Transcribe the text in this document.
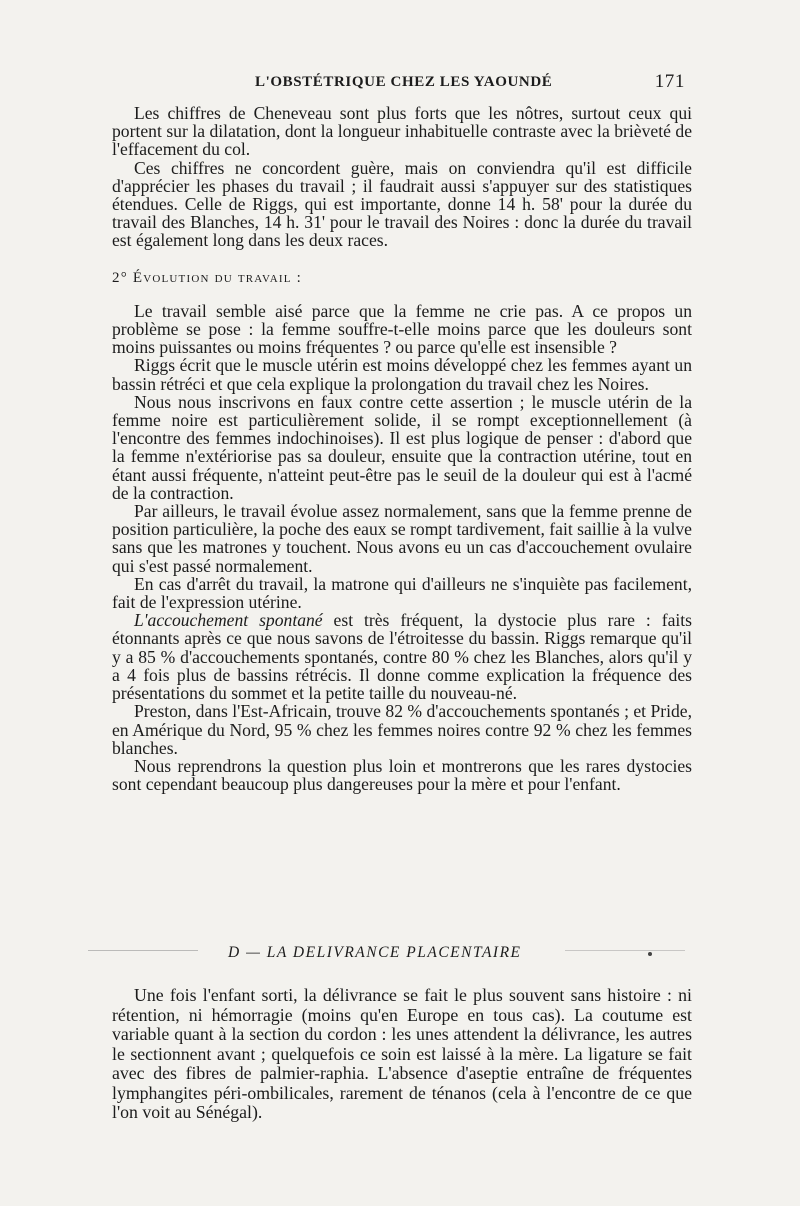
L'OBSTÉTRIQUE CHEZ LES YAOUNDÉ	171

Les chiffres de Cheneveau sont plus forts que les nôtres, surtout ceux qui portent sur la dilatation, dont la longueur inhabituelle contraste avec la brièveté de l'effacement du col.

Ces chiffres ne concordent guère, mais on conviendra qu'il est difficile d'apprécier les phases du travail ; il faudrait aussi s'appuyer sur des statistiques étendues. Celle de Riggs, qui est importante, donne 14 h. 58' pour la durée du travail des Blanches, 14 h. 31' pour le travail des Noires : donc la durée du travail est également long dans les deux races.

2° Évolution du travail :

Le travail semble aisé parce que la femme ne crie pas. A ce propos un problème se pose : la femme souffre-t-elle moins parce que les douleurs sont moins puissantes ou moins fréquentes ? ou parce qu'elle est insensible ?

Riggs écrit que le muscle utérin est moins développé chez les femmes ayant un bassin rétréci et que cela explique la prolongation du travail chez les Noires.

Nous nous inscrivons en faux contre cette assertion ; le muscle utérin de la femme noire est particulièrement solide, il se rompt exceptionnellement (à l'encontre des femmes indochinoises). Il est plus logique de penser : d'abord que la femme n'extériorise pas sa douleur, ensuite que la contraction utérine, tout en étant aussi fréquente, n'atteint peut-être pas le seuil de la douleur qui est à l'acmé de la contraction.

Par ailleurs, le travail évolue assez normalement, sans que la femme prenne de position particulière, la poche des eaux se rompt tardivement, fait saillie à la vulve sans que les matrones y touchent. Nous avons eu un cas d'accouchement ovulaire qui s'est passé normalement.

En cas d'arrêt du travail, la matrone qui d'ailleurs ne s'inquiète pas facilement, fait de l'expression utérine.

L'accouchement spontané est très fréquent, la dystocie plus rare : faits étonnants après ce que nous savons de l'étroitesse du bassin. Riggs remarque qu'il y a 85 % d'accouchements spontanés, contre 80 % chez les Blanches, alors qu'il y a 4 fois plus de bassins rétrécis. Il donne comme explication la fréquence des présentations du sommet et la petite taille du nouveau-né.

Preston, dans l'Est-Africain, trouve 82 % d'accouchements spontanés ; et Pride, en Amérique du Nord, 95 % chez les femmes noires contre 92 % chez les femmes blanches.

Nous reprendrons la question plus loin et montrerons que les rares dystocies sont cependant beaucoup plus dangereuses pour la mère et pour l'enfant.

D — LA DELIVRANCE PLACENTAIRE

Une fois l'enfant sorti, la délivrance se fait le plus souvent sans histoire : ni rétention, ni hémorragie (moins qu'en Europe en tous cas). La coutume est variable quant à la section du cordon : les unes attendent la délivrance, les autres le sectionnent avant ; quelquefois ce soin est laissé à la mère. La ligature se fait avec des fibres de palmier-raphia. L'absence d'aseptie entraîne de fréquentes lymphangites péri-ombilicales, rarement de ténanos (cela à l'encontre de ce que l'on voit au Sénégal).
